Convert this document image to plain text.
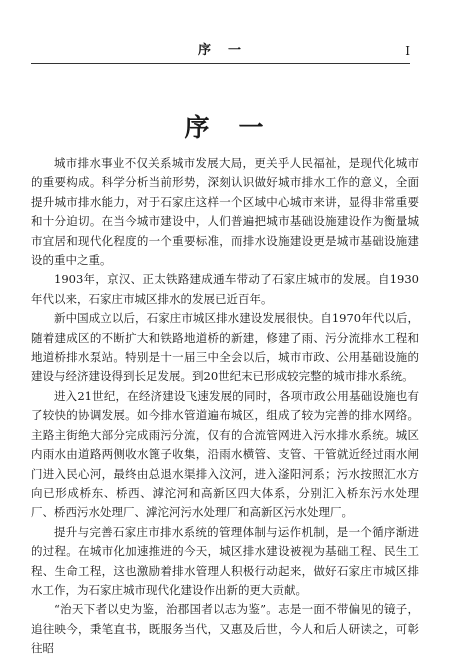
序　一	I
序　一

城市排水事业不仅关系城市发展大局，更关乎人民福祉，是现代化城市的重要构成。科学分析当前形势，深刻认识做好城市排水工作的意义，全面提升城市排水能力，对于石家庄这样一个区域中心城市来讲，显得非常重要和十分迫切。在当今城市建设中，人们普遍把城市基础设施建设作为衡量城市宜居和现代化程度的一个重要标准，而排水设施建设更是城市基础设施建设的重中之重。

1903年，京汉、正太铁路建成通车带动了石家庄城市的发展。自1930年代以来，石家庄市城区排水的发展已近百年。

新中国成立以后，石家庄市城区排水建设发展很快。自1970年代以后，随着建成区的不断扩大和铁路地道桥的新建，修建了雨、污分流排水工程和地道桥排水泵站。特别是十一届三中全会以后，城市市政、公用基础设施的建设与经济建设得到长足发展。到20世纪末已形成较完整的城市排水系统。

进入21世纪，在经济建设飞速发展的同时，各项市政公用基础设施也有了较快的协调发展。如今排水管道遍布城区，组成了较为完善的排水网络。主路主街绝大部分完成雨污分流，仅有的合流管网进入污水排水系统。城区内雨水由道路两侧收水篦子收集，沿雨水横管、支管、干管就近经过雨水闸门进入民心河，最终由总退水渠排入汶河，进入滏阳河系；污水按照汇水方向已形成桥东、桥西、滹沱河和高新区四大体系，分别汇入桥东污水处理厂、桥西污水处理厂、滹沱河污水处理厂和高新区污水处理厂。

提升与完善石家庄市排水系统的管理体制与运作机制，是一个循序渐进的过程。在城市化加速推进的今天，城区排水建设被视为基础工程、民生工程、生命工程，这也激励着排水管理人积极行动起来，做好石家庄市城区排水工作，为石家庄城市现代化建设作出新的更大贡献。

“治天下者以史为鉴，治郡国者以志为鉴”。志是一面不带偏见的镜子，追往映今，秉笔直书，既服务当代，又惠及后世，今人和后人研读之，可彰往昭
